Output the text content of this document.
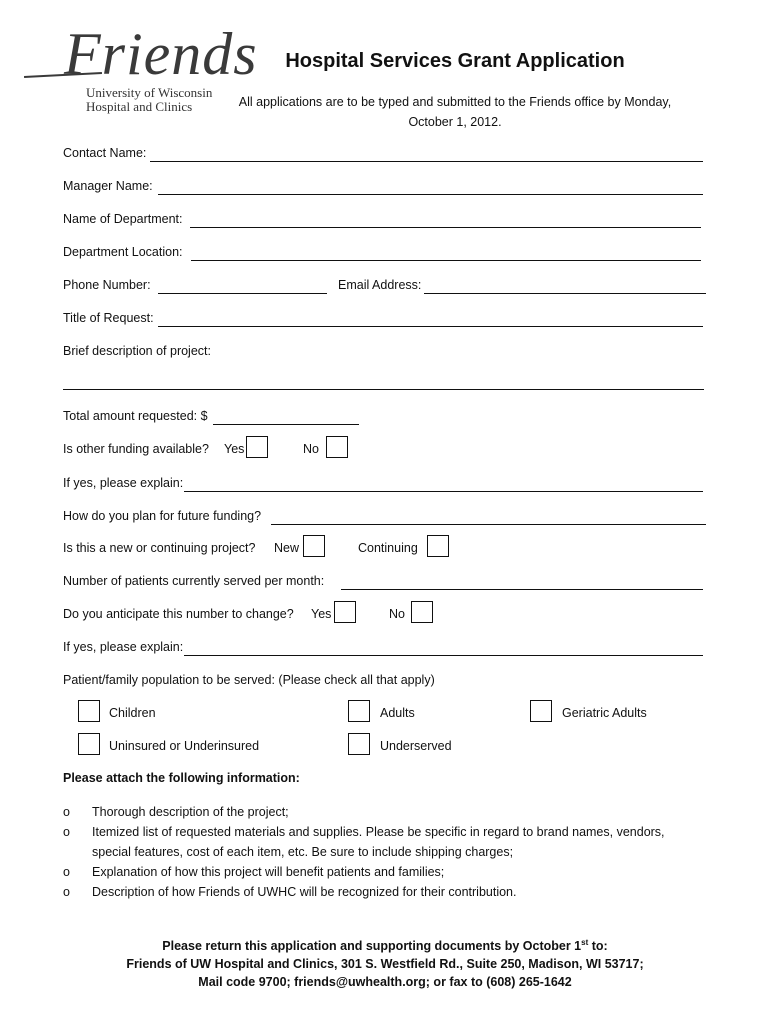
Friends
University of Wisconsin
Hospital and Clinics
Hospital Services Grant Application
All applications are to be typed and submitted to the Friends office by Monday, October 1, 2012.
Contact Name:
Manager Name:
Name of Department:
Department Location:
Phone Number:	Email Address:
Title of Request:
Brief description of project:
Total amount requested: $
Is other funding available? Yes	No
If yes, please explain:
How do you plan for future funding?
Is this a new or continuing project? New	Continuing
Number of patients currently served per month:
Do you anticipate this number to change? Yes	No
If yes, please explain:
Patient/family population to be served: (Please check all that apply)
Children	Adults	Geriatric Adults
Uninsured or Underinsured	Underserved
Please attach the following information:
o Thorough description of the project;
o Itemized list of requested materials and supplies. Please be specific in regard to brand names, vendors,
special features, cost of each item, etc. Be sure to include shipping charges;
o Explanation of how this project will benefit patients and families;
o Description of how Friends of UWHC will be recognized for their contribution.
Please return this application and supporting documents by October 1st to:
Friends of UW Hospital and Clinics, 301 S. Westfield Rd., Suite 250, Madison, WI 53717;
Mail code 9700; friends@uwhealth.org; or fax to (608) 265-1642
